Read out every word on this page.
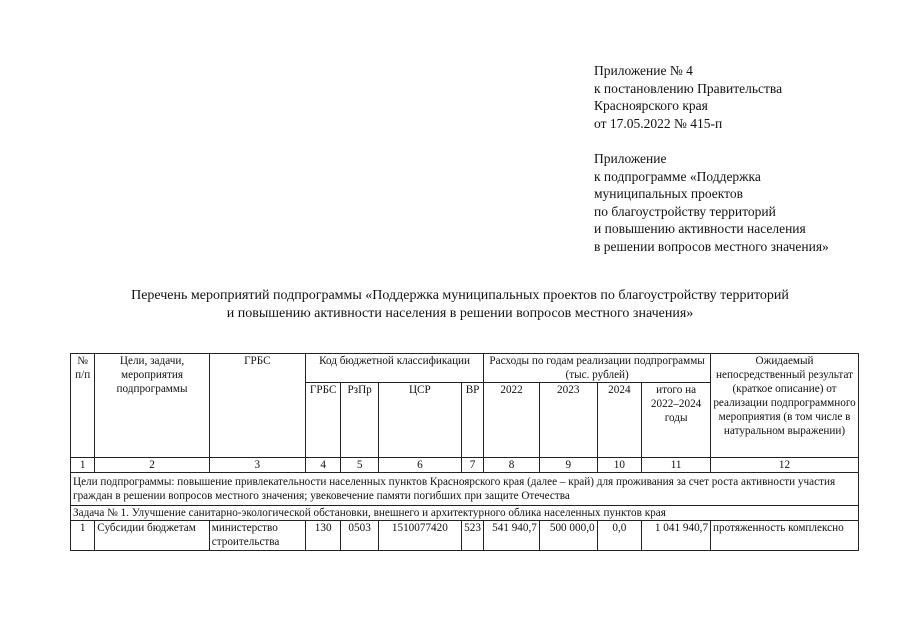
Приложение № 4
к постановлению Правительства
Красноярского края
от 17.05.2022 № 415-п
Приложение
к подпрограмме «Поддержка
муниципальных проектов
по благоустройству территорий
и повышению активности населения
в решении вопросов местного значения»
Перечень мероприятий подпрограммы «Поддержка муниципальных проектов по благоустройству территорий
и повышению активности населения в решении вопросов местного значения»
№ п/п	Цели, задачи, мероприятия подпрограммы	ГРБС	Код бюджетной классификации				Расходы по годам реализации подпрограммы (тыс. рублей)				Ожидаемый непосредственный результат (краткое описание) от реализации подпрограммного мероприятия (в том числе в натуральном выражении)
			ГРБС	РзПр	ЦСР	ВР	2022	2023	2024	итого на 2022–2024 годы	
1	2	3	4	5	6	7	8	9	10	11	12
Цели подпрограммы: повышение привлекательности населенных пунктов Красноярского края (далее – край) для проживания за счет роста активности участия граждан в решении вопросов местного значения; увековечение памяти погибших при защите Отечества											
Задача № 1. Улучшение санитарно-экологической обстановки, внешнего и архитектурного облика населенных пунктов края											
1	Субсидии бюджетам	министерство строительства	130	0503	1510077420	523	541 940,7	500 000,0	0,0	1 041 940,7	протяженность комплексно
